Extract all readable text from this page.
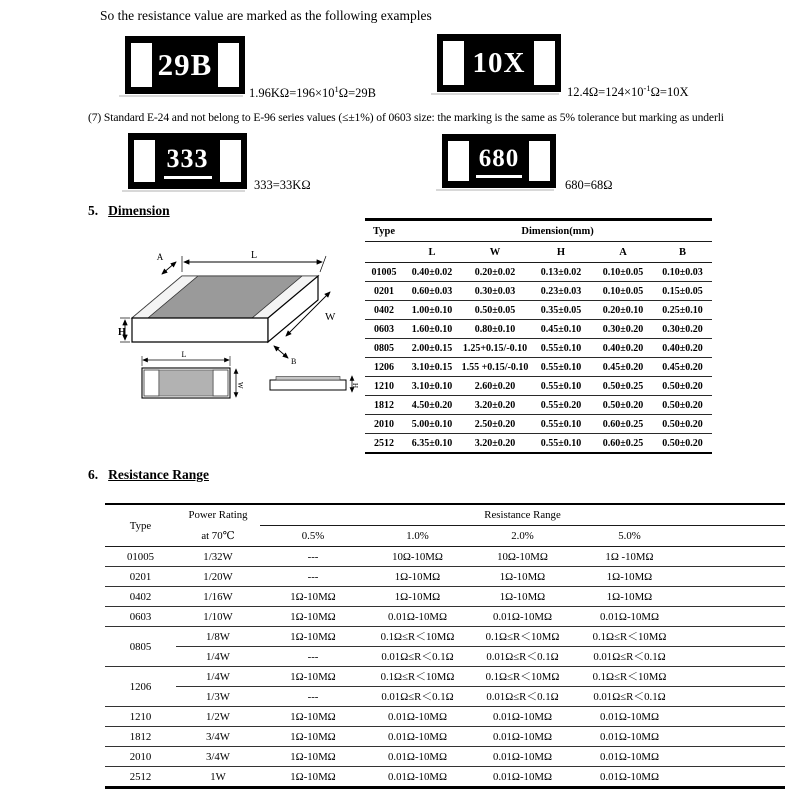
So the resistance value are marked as the following examples
29B
$1.96K\Omega=196\times 10^1\Omega=29B$
10X
$12.4\Omega=124\times 10^{-1}\Omega=10X$
(7) Standard E-24 and not belong to E-96 series values (≤±1%) of 0603 size: the marking is the same as 5% tolerance but marking as underli
333
333=33KΩ
680
680=68Ω
5. Dimension
L
A
W
H
B
L
W	H
Type	Dimension(mm)				
	L	W	H	A	B
01005	0.40±0.02	0.20±0.02	0.13±0.02	0.10±0.05	0.10±0.03
0201	0.60±0.03	0.30±0.03	0.23±0.03	0.10±0.05	0.15±0.05
0402	1.00±0.10	0.50±0.05	0.35±0.05	0.20±0.10	0.25±0.10
0603	1.60±0.10	0.80±0.10	0.45±0.10	0.30±0.20	0.30±0.20
0805	2.00±0.15	1.25+0.15/-0.10	0.55±0.10	0.40±0.20	0.40±0.20
1206	3.10±0.15	1.55 +0.15/-0.10	0.55±0.10	0.45±0.20	0.45±0.20
1210	3.10±0.10	2.60±0.20	0.55±0.10	0.50±0.25	0.50±0.20
1812	4.50±0.20	3.20±0.20	0.55±0.20	0.50±0.20	0.50±0.20
2010	5.00±0.10	2.50±0.20	0.55±0.10	0.60±0.25	0.50±0.20
2512	6.35±0.10	3.20±0.20	0.55±0.10	0.60±0.25	0.50±0.20
6. Resistance Range
Type	Power Rating	Resistance Range				
	at 70℃	0.5%	1.0%	2.0%	5.0%	
01005	1/32W	---	10Ω-10MΩ	10Ω-10MΩ	1Ω -10MΩ	
0201	1/20W	---	1Ω-10MΩ	1Ω-10MΩ	1Ω-10MΩ	
0402	1/16W	1Ω-10MΩ	1Ω-10MΩ	1Ω-10MΩ	1Ω-10MΩ	
0603	1/10W	1Ω-10MΩ	0.01Ω-10MΩ	0.01Ω-10MΩ	0.01Ω-10MΩ	
0805	1/8W	1Ω-10MΩ	0.1Ω≤R＜10MΩ	0.1Ω≤R＜10MΩ	0.1Ω≤R＜10MΩ	
	1/4W	---	0.01Ω≤R＜0.1Ω	0.01Ω≤R＜0.1Ω	0.01Ω≤R＜0.1Ω	
1206	1/4W	1Ω-10MΩ	0.1Ω≤R＜10MΩ	0.1Ω≤R＜10MΩ	0.1Ω≤R＜10MΩ	
	1/3W	---	0.01Ω≤R＜0.1Ω	0.01Ω≤R＜0.1Ω	0.01Ω≤R＜0.1Ω	
1210	1/2W	1Ω-10MΩ	0.01Ω-10MΩ	0.01Ω-10MΩ	0.01Ω-10MΩ	
1812	3/4W	1Ω-10MΩ	0.01Ω-10MΩ	0.01Ω-10MΩ	0.01Ω-10MΩ	
2010	3/4W	1Ω-10MΩ	0.01Ω-10MΩ	0.01Ω-10MΩ	0.01Ω-10MΩ	
2512	1W	1Ω-10MΩ	0.01Ω-10MΩ	0.01Ω-10MΩ	0.01Ω-10MΩ	
